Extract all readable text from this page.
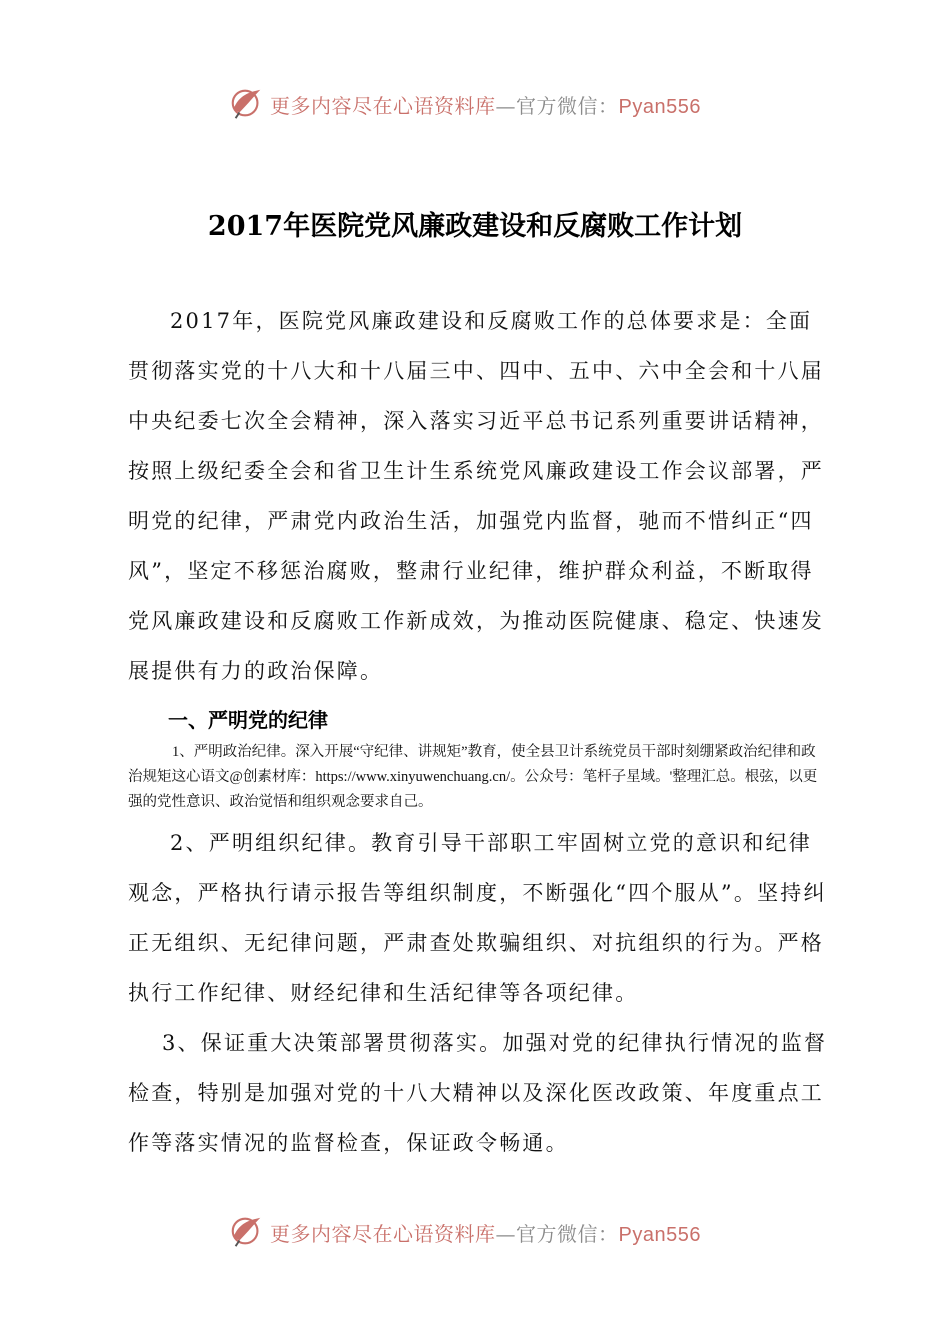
更多内容尽在心语资料库—官方微信：Pyan556
2017年医院党风廉政建设和反腐败工作计划
2017年，医院党风廉政建设和反腐败工作的总体要求是：全面贯彻落实党的十八大和十八届三中、四中、五中、六中全会和十八届中央纪委七次全会精神，深入落实习近平总书记系列重要讲话精神，按照上级纪委全会和省卫生计生系统党风廉政建设工作会议部署，严明党的纪律，严肃党内政治生活，加强党内监督，驰而不惜纠正“四风”，坚定不移惩治腐败，整肃行业纪律，维护群众利益，不断取得党风廉政建设和反腐败工作新成效，为推动医院健康、稳定、快速发展提供有力的政治保障。
一、严明党的纪律
1、严明政治纪律。深入开展“守纪律、讲规矩”教育，使全县卫计系统党员干部时刻绷紧政治纪律和政治规矩这心语文@创素材库：https://www.xinyuwenchuang.cn/。公众号：笔杆子星域。'整理汇总。根弦，以更强的党性意识、政治觉悟和组织观念要求自己。
2、严明组织纪律。教育引导干部职工牢固树立党的意识和纪律观念，严格执行请示报告等组织制度，不断强化“四个服从”。坚持纠正无组织、无纪律问题，严肃查处欺骗组织、对抗组织的行为。严格执行工作纪律、财经纪律和生活纪律等各项纪律。
3、保证重大决策部署贯彻落实。加强对党的纪律执行情况的监督检查，特别是加强对党的十八大精神以及深化医改政策、年度重点工作等落实情况的监督检查，保证政令畅通。
更多内容尽在心语资料库—官方微信：Pyan556
